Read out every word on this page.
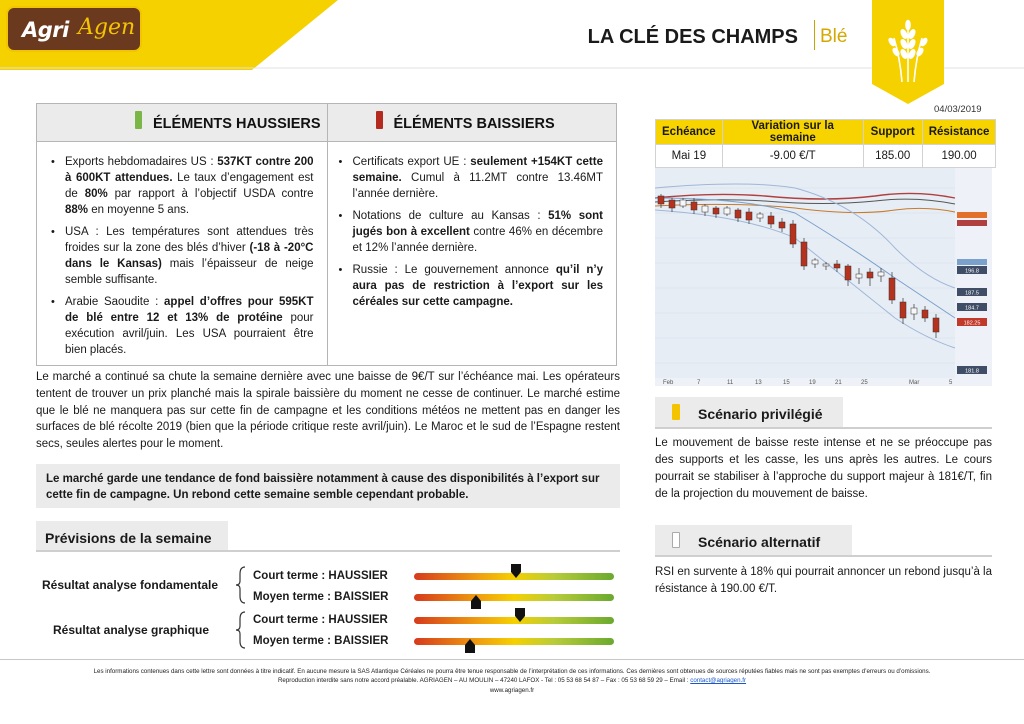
Agri Agen	LA CLÉ DES CHAMPS Blé
04/03/2019
ÉLÉMENTS HAUSSIERS	ÉLÉMENTS BAISSIERS
• Exports hebdomadaires US : 537KT contre 200 à 600KT attendues. Le taux d’engagement est de 80% par rapport à l’objectif USDA contre 88% en moyenne 5 ans.
• USA : Les températures sont attendues très froides sur la zone des blés d’hiver (-18 à -20°C dans le Kansas) mais l’épaisseur de neige semble suffisante.
• Arabie Saoudite : appel d’offres pour 595KT de blé entre 12 et 13% de protéine pour exécution avril/juin. Les USA pourraient être bien placés.
• Certificats export UE : seulement +154KT cette semaine. Cumul à 11.2MT contre 13.46MT l’année dernière.
• Notations de culture au Kansas : 51% sont jugés bon à excellent contre 46% en décembre et 12% l’année dernière.
• Russie : Le gouvernement annonce qu’il n’y aura pas de restriction à l’export sur les céréales sur cette campagne.
Le marché a continué sa chute la semaine dernière avec une baisse de 9€/T sur l’échéance mai. Les opérateurs tentent de trouver un prix planché mais la spirale baissière du moment ne cesse de continuer. Le marché estime que le blé ne manquera pas sur cette fin de campagne et les conditions météos ne mettent pas en danger les surfaces de blé récolte 2019 (bien que la période critique reste avril/juin). Le Maroc et le sud de l’Espagne restent secs, seules alertes pour le moment.
Le marché garde une tendance de fond baissière notamment à cause des disponibilités à l’export sur cette fin de campagne. Un rebond cette semaine semble cependant probable.
Prévisions de la semaine
Résultat analyse fondamentale
Résultat analyse graphique
Court terme : HAUSSIER
Moyen terme : BAISSIER
Court terme : HAUSSIER
Moyen terme : BAISSIER
Echéance	Variation sur la semaine	Support	Résistance
Mai 19	-9.00 €/T	185.00	190.00
196.8
187.5
184.7
182.25
181.8
Feb	7	11	13	15	19	21	25	Mar	5
Scénario privilégié
Le mouvement de baisse reste intense et ne se préoccupe pas des supports et les casse, les uns après les autres. Le cours pourrait se stabiliser à l’approche du support majeur à 181€/T, fin de la projection du mouvement de baisse.
Scénario alternatif
RSI en survente à 18% qui pourrait annoncer un rebond jusqu’à la résistance à 190.00 €/T.
Les informations contenues dans cette lettre sont données à titre indicatif. En aucune mesure la SAS Atlantique Céréales ne pourra être tenue responsable de l’interprétation de ces informations. Ces dernières sont obtenues de sources réputées fiables mais ne sont pas exemptes d’erreurs ou d’omissions.
Reproduction interdite sans notre accord préalable. AGRIAGEN – AU MOULIN – 47240 LAFOX - Tel : 05 53 68 54 87 – Fax : 05 53 68 59 29 – Email : contact@agriagen.fr
www.agriagen.fr
